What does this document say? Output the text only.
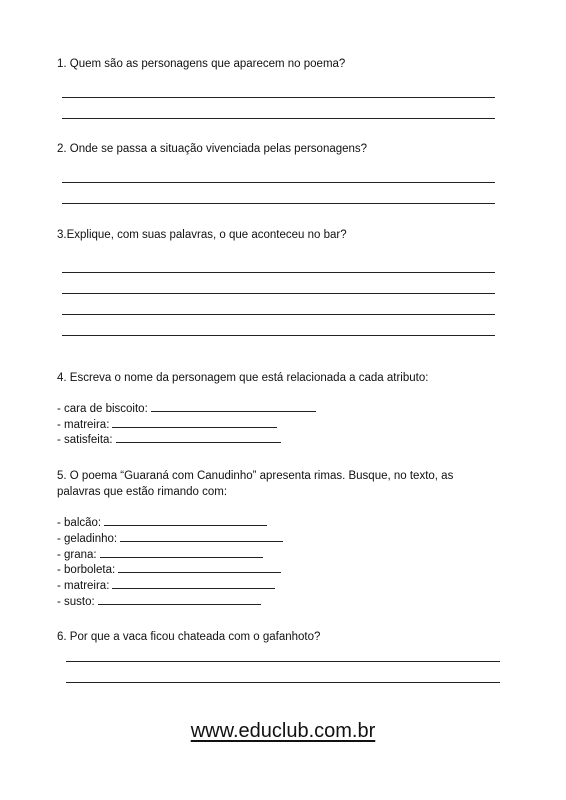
1. Quem são as personagens que aparecem no poema?
2. Onde se passa a situação vivenciada pelas personagens?
3.Explique, com suas palavras, o que aconteceu no bar?
4. Escreva o nome da personagem que está relacionada a cada atributo:
- cara de biscoito:
- matreira:
- satisfeita:
5. O poema “Guaraná com Canudinho” apresenta rimas. Busque, no texto, as
palavras que estão rimando com:
- balcão:
- geladinho:
- grana:
- borboleta:
- matreira:
- susto:
6. Por que a vaca ficou chateada com o gafanhoto?
www.educlub.com.br
